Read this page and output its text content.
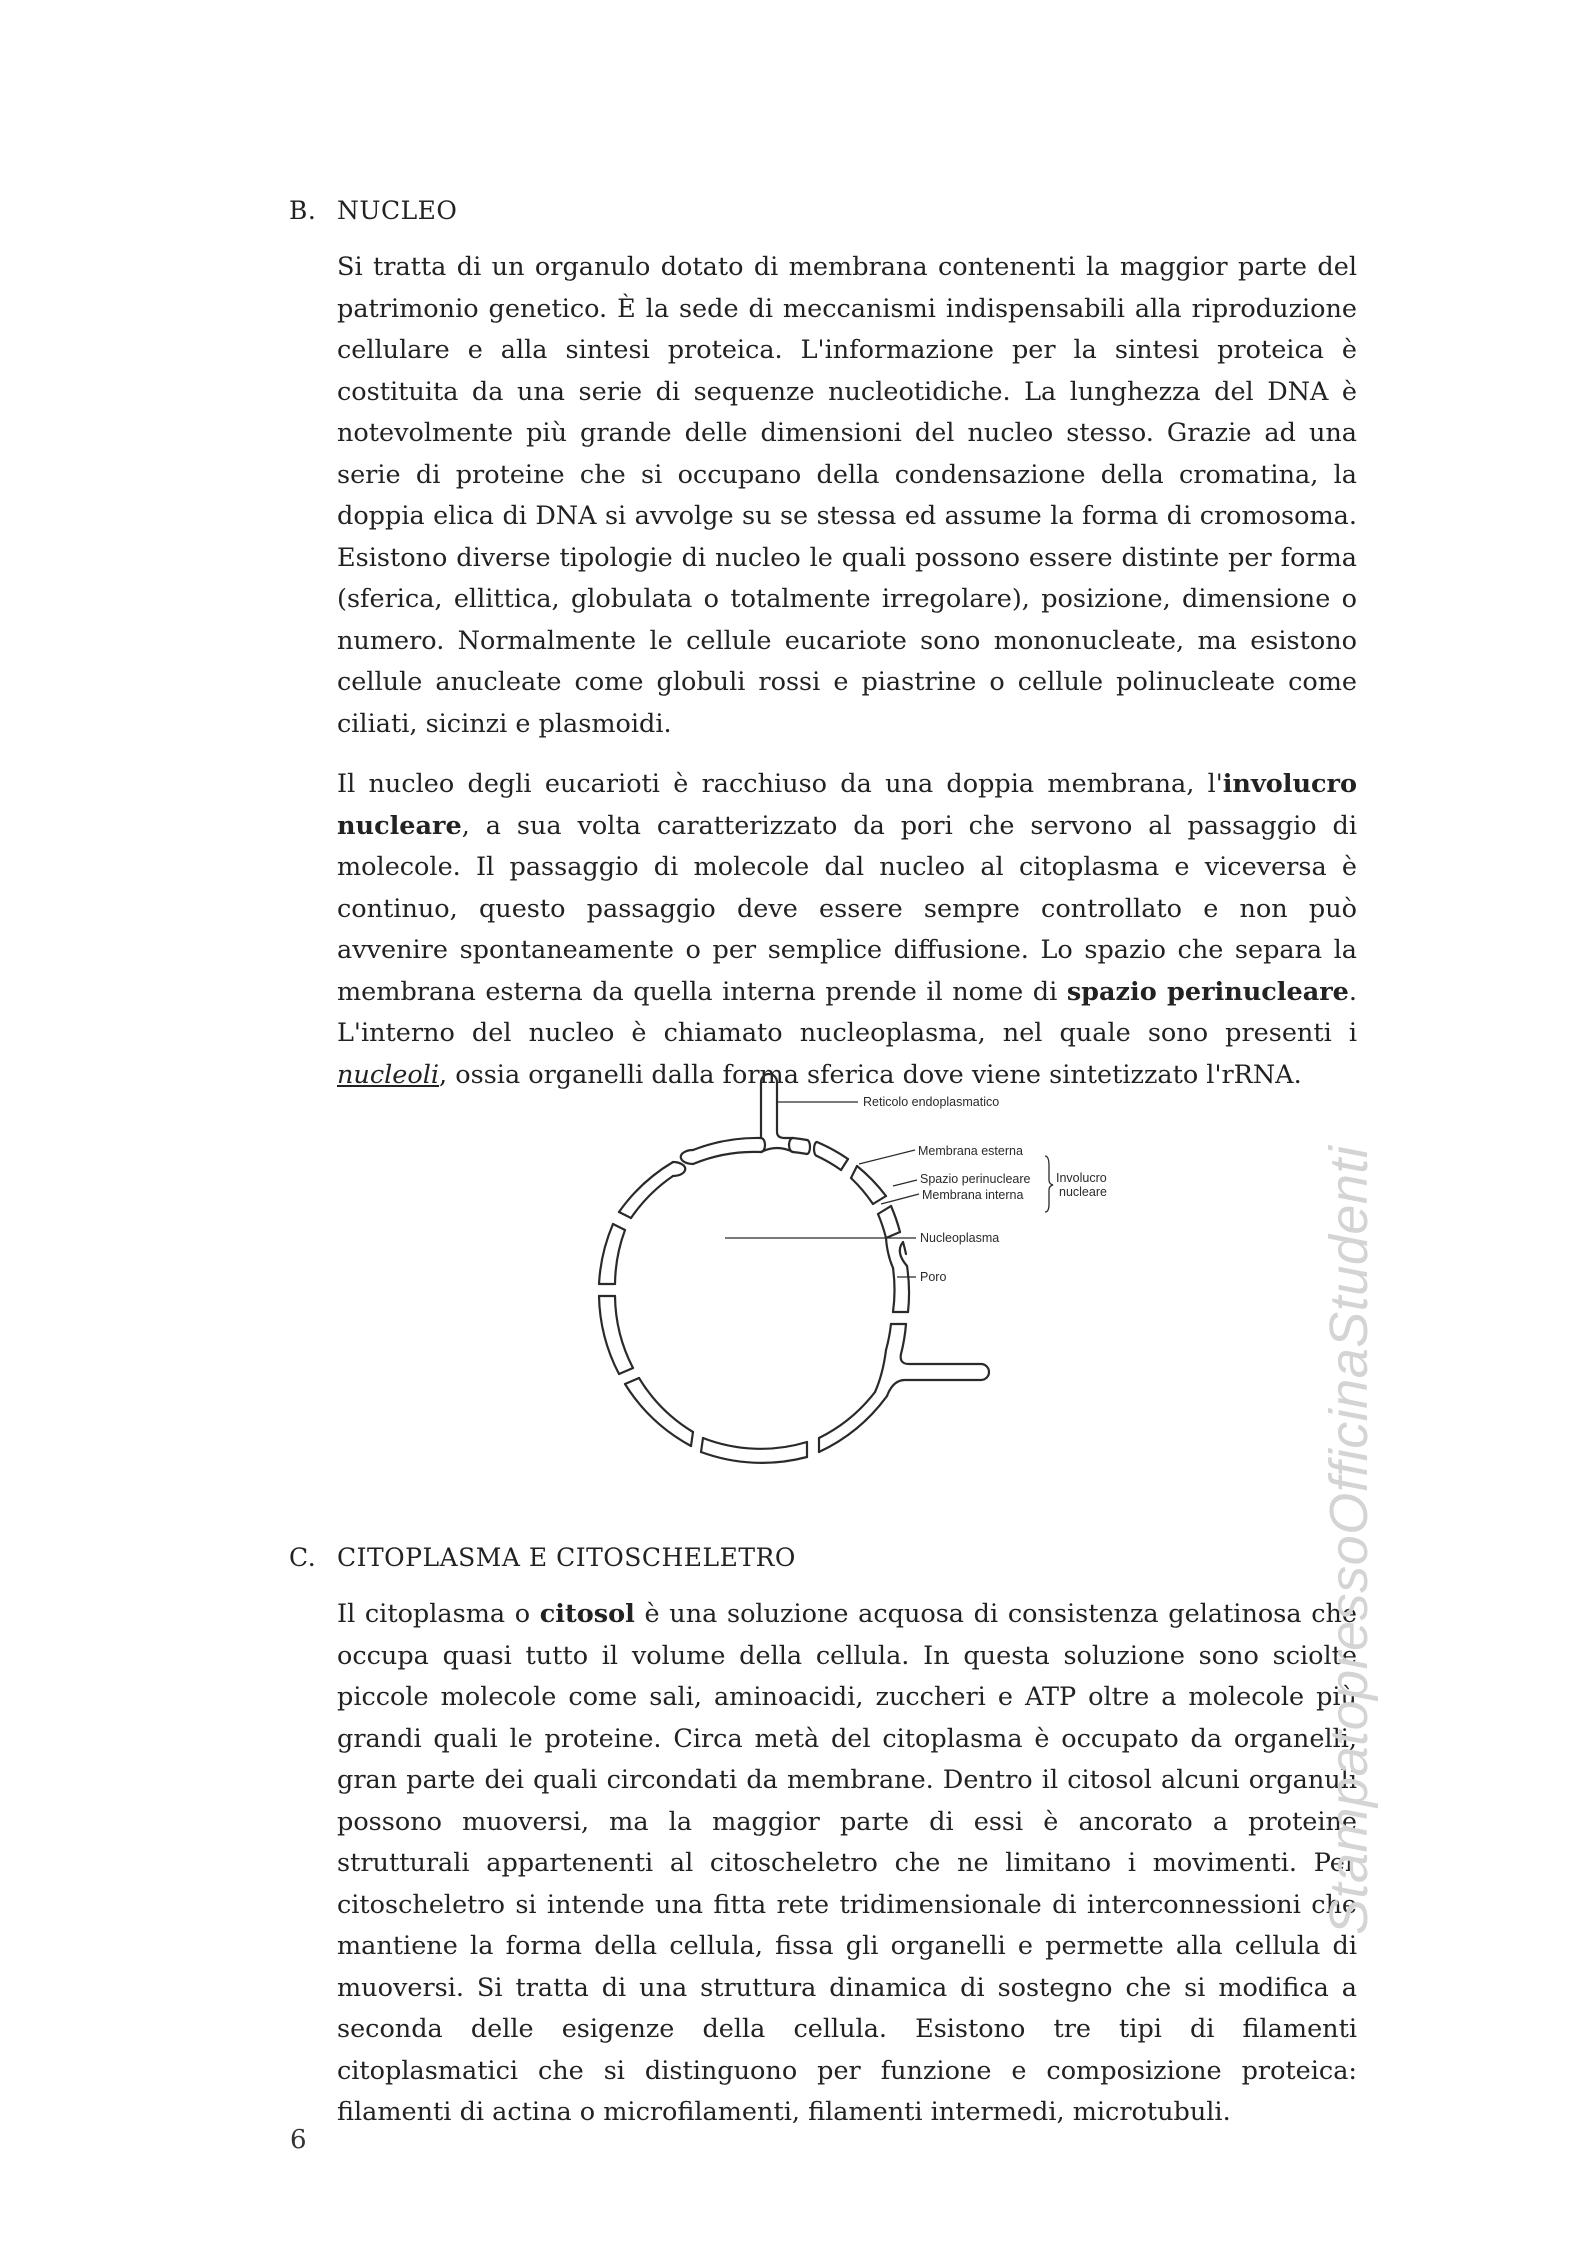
B. NUCLEO

Si tratta di un organulo dotato di membrana contenenti la maggior parte del patrimonio genetico. È la sede di meccanismi indispensabili alla riproduzione cellulare e alla sintesi proteica. L'informazione per la sintesi proteica è costituita da una serie di sequenze nucleotidiche. La lunghezza del DNA è notevolmente più grande delle dimensioni del nucleo stesso. Grazie ad una serie di proteine che si occupano della condensazione della cromatina, la doppia elica di DNA si avvolge su se stessa ed assume la forma di cromosoma. Esistono diverse tipologie di nucleo le quali possono essere distinte per forma (sferica, ellittica, globulata o totalmente irregolare), posizione, dimensione o numero. Normalmente le cellule eucariote sono mononucleate, ma esistono cellule anucleate come globuli rossi e piastrine o cellule polinucleate come ciliati, sicinzi e plasmoidi.

Il nucleo degli eucarioti è racchiuso da una doppia membrana, l'involucro nucleare, a sua volta caratterizzato da pori che servono al passaggio di molecole. Il passaggio di molecole dal nucleo al citoplasma e viceversa è continuo, questo passaggio deve essere sempre controllato e non può avvenire spontaneamente o per semplice diffusione. Lo spazio che separa la membrana esterna da quella interna prende il nome di spazio perinucleare. L'interno del nucleo è chiamato nucleoplasma, nel quale sono presenti i nucleoli, ossia organelli dalla forma sferica dove viene sintetizzato l'rRNA.

Reticolo endoplasmatico
Membrana esterna
Spazio perinucleare
Membrana interna
Involucro
nucleare
Nucleoplasma
Poro
C. CITOPLASMA E CITOSCHELETRO

Il citoplasma o citosol è una soluzione acquosa di consistenza gelatinosa che occupa quasi tutto il volume della cellula. In questa soluzione sono sciolte piccole molecole come sali, aminoacidi, zuccheri e ATP oltre a molecole più grandi quali le proteine. Circa metà del citoplasma è occupato da organelli, gran parte dei quali circondati da membrane. Dentro il citosol alcuni organuli possono muoversi, ma la maggior parte di essi è ancorato a proteine strutturali appartenenti al citoscheletro che ne limitano i movimenti. Per citoscheletro si intende una fitta rete tridimensionale di interconnessioni che mantiene la forma della cellula, fissa gli organelli e permette alla cellula di muoversi. Si tratta di una struttura dinamica di sostegno che si modifica a seconda delle esigenze della cellula. Esistono tre tipi di filamenti citoplasmatici che si distinguono per funzione e composizione proteica: filamenti di actina o microfilamenti, filamenti intermedi, microtubuli.

6
StampatopressoOfficinaStudenti
